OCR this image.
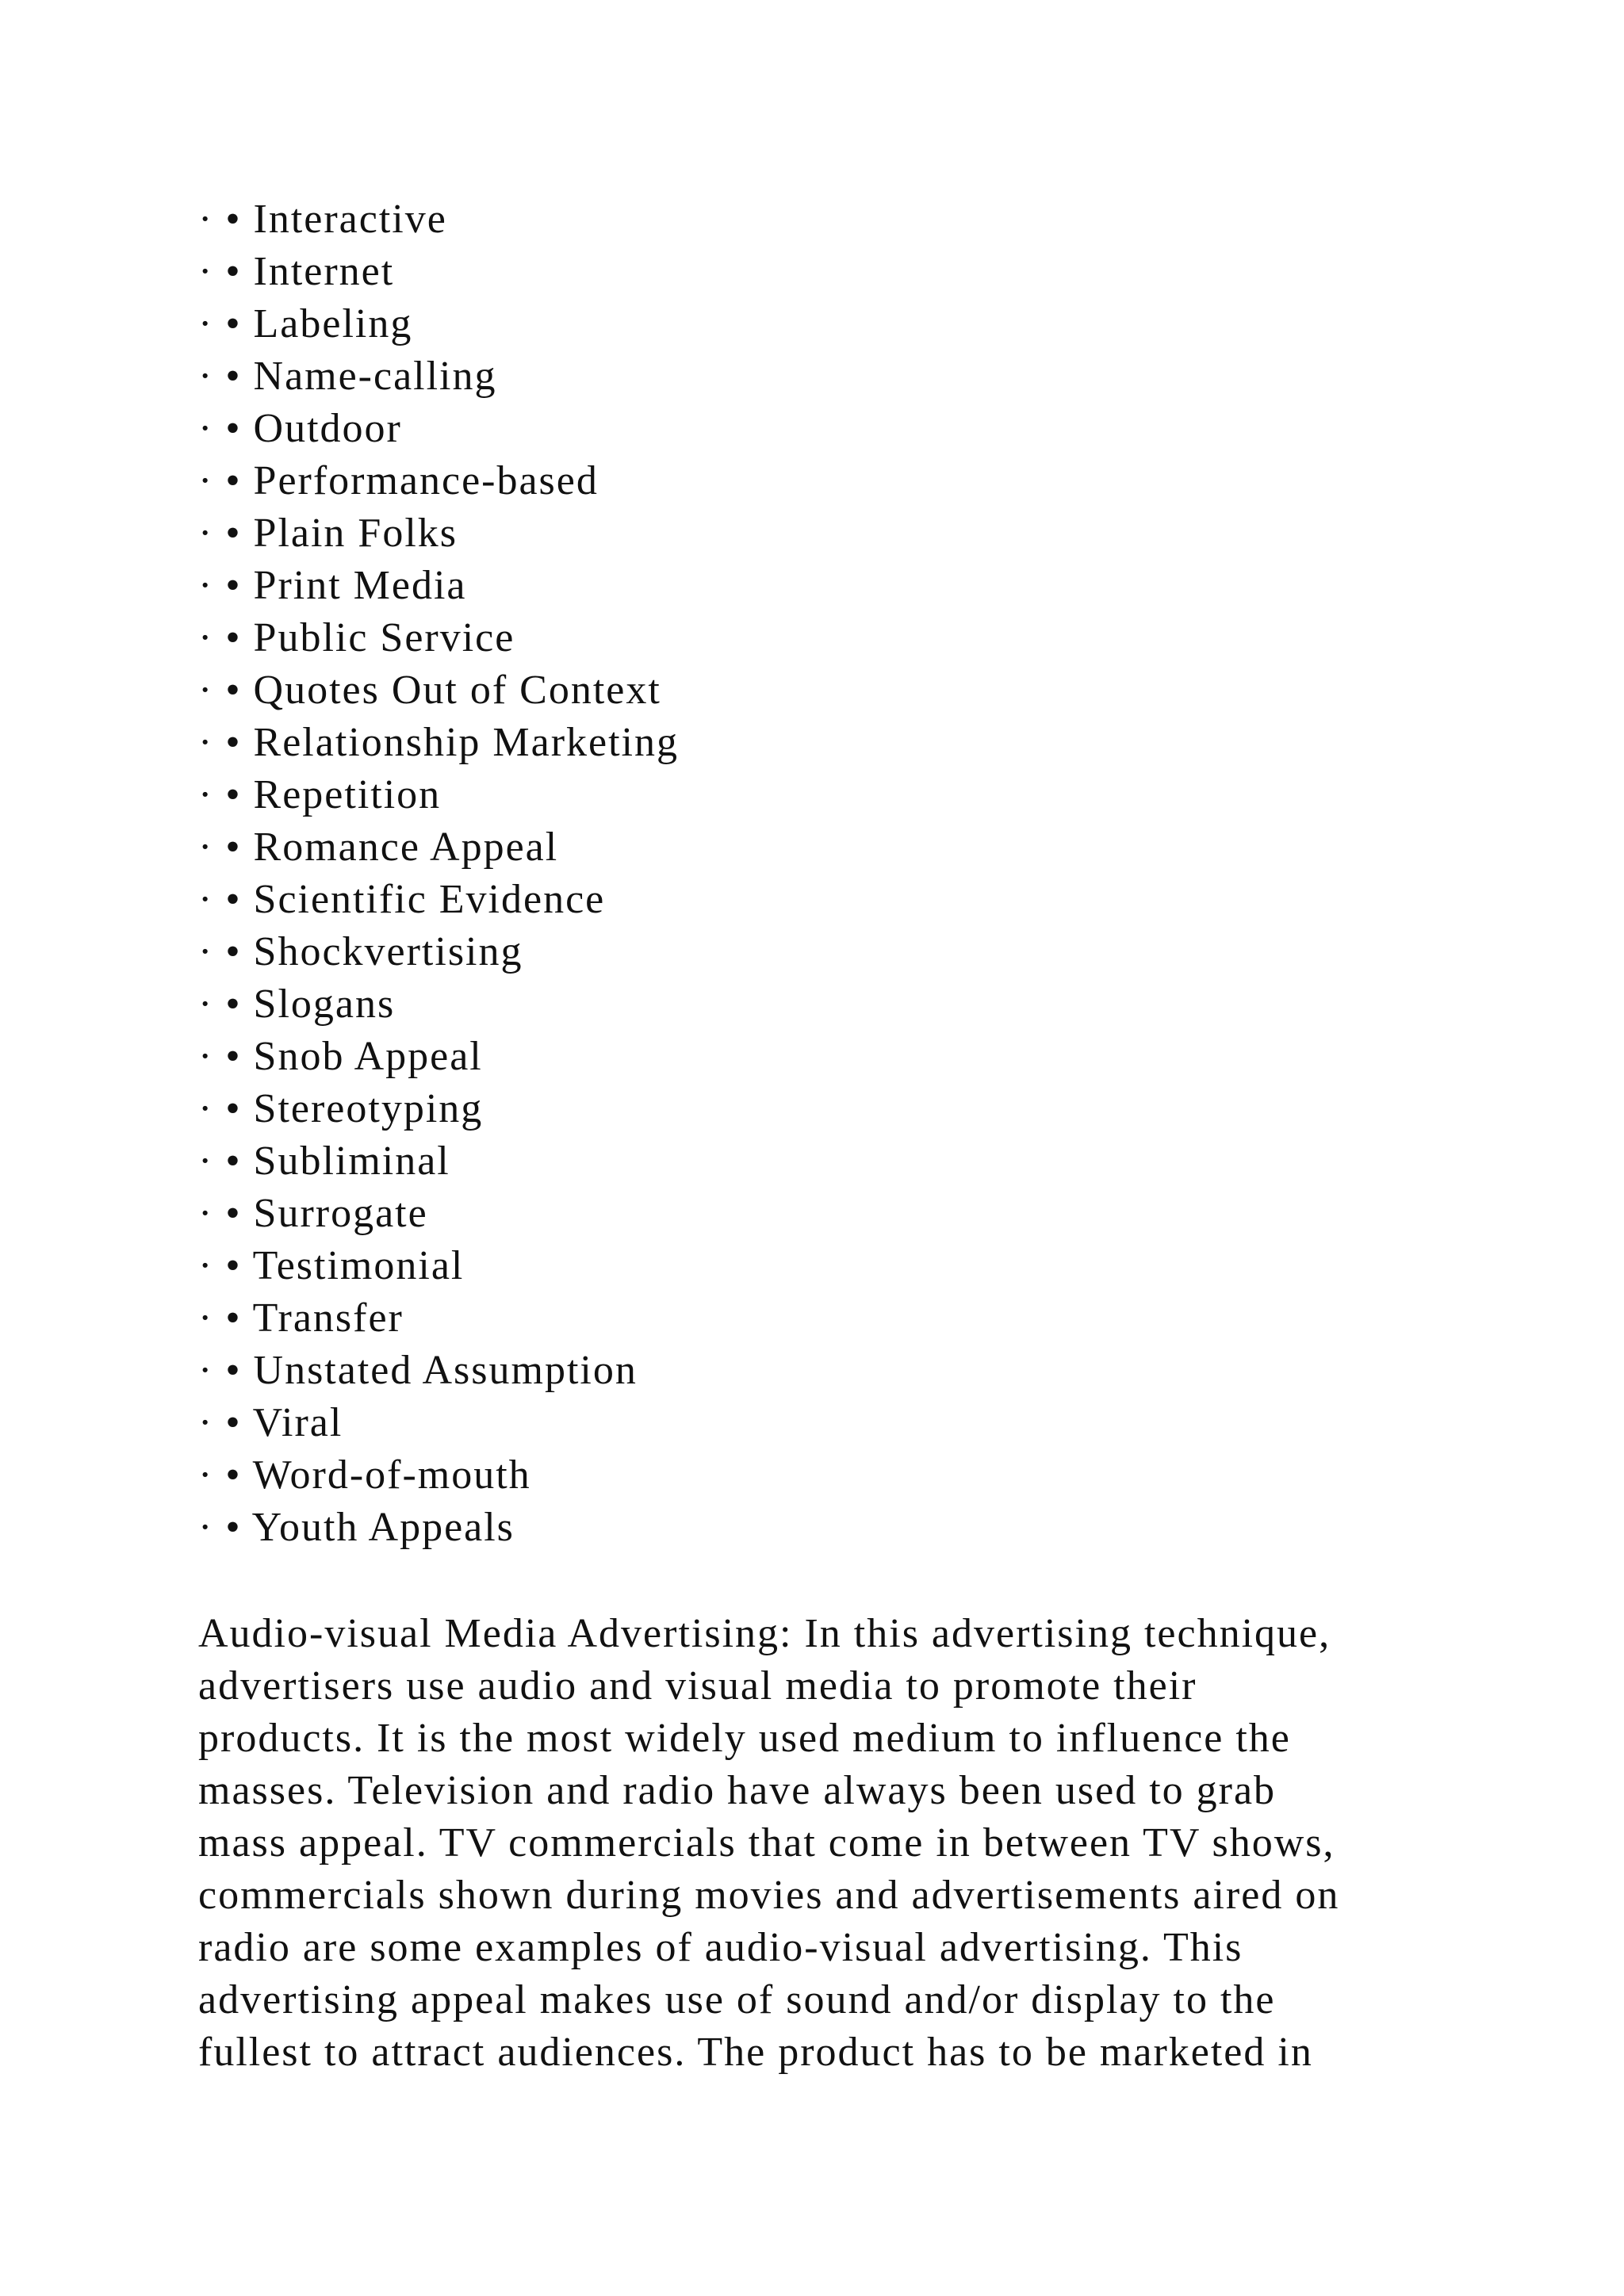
· • Interactive
· • Internet
· • Labeling
· • Name-calling
· • Outdoor
· • Performance-based
· • Plain Folks
· • Print Media
· • Public Service
· • Quotes Out of Context
· • Relationship Marketing
· • Repetition
· • Romance Appeal
· • Scientific Evidence
· • Shockvertising
· • Slogans
· • Snob Appeal
· • Stereotyping
· • Subliminal
· • Surrogate
· • Testimonial
· • Transfer
· • Unstated Assumption
· • Viral
· • Word-of-mouth
· • Youth Appeals

Audio-visual Media Advertising: In this advertising technique,
advertisers use audio and visual media to promote their
products. It is the most widely used medium to influence the
masses. Television and radio have always been used to grab
mass appeal. TV commercials that come in between TV shows,
commercials shown during movies and advertisements aired on
radio are some examples of audio-visual advertising. This
advertising appeal makes use of sound and/or display to the
fullest to attract audiences. The product has to be marketed in
